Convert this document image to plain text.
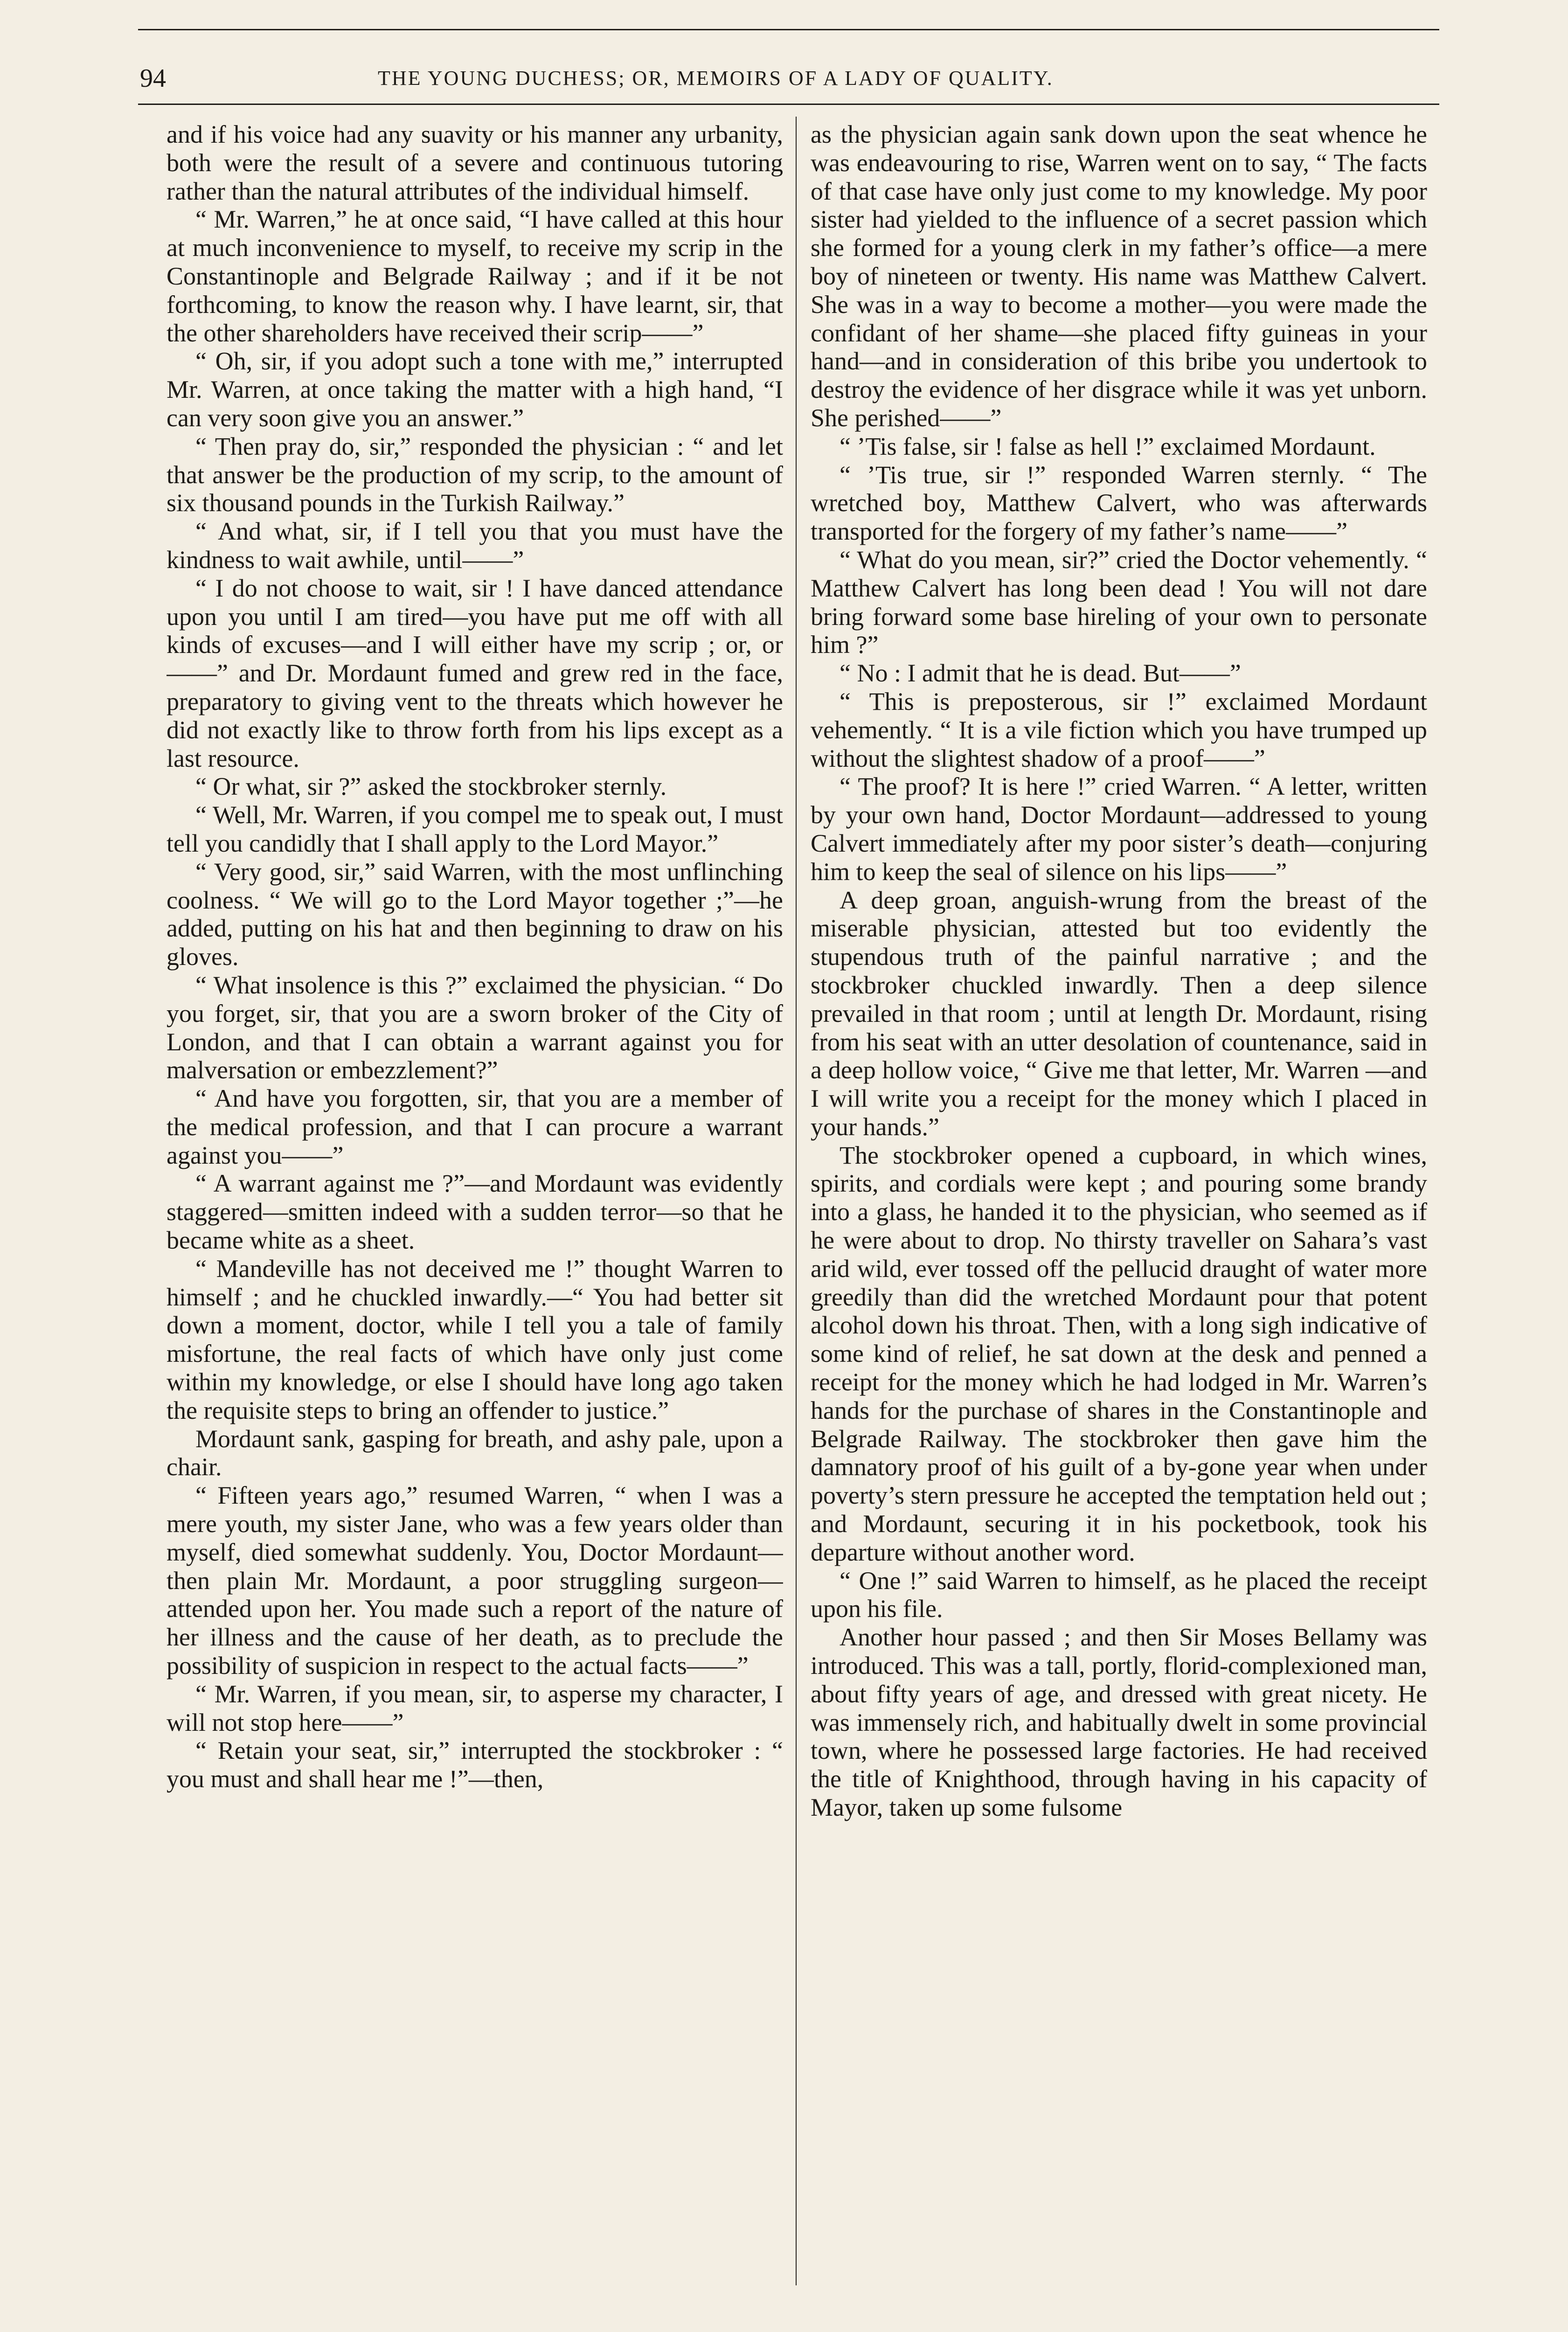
94	THE YOUNG DUCHESS; OR, MEMOIRS OF A LADY OF QUALITY.

and if his voice had any suavity or his manner any urbanity, both were the result of a severe and continuous tutoring rather than the natural attributes of the individual himself.

“ Mr. Warren,” he at once said, “I have called at this hour at much inconvenience to myself, to receive my scrip in the Constantinople and Belgrade Railway ; and if it be not forthcoming, to know the reason why. I have learnt, sir, that the other shareholders have received their scrip——”

“ Oh, sir, if you adopt such a tone with me,” interrupted Mr. Warren, at once taking the matter with a high hand, “I can very soon give you an answer.”

“ Then pray do, sir,” responded the physician : “ and let that answer be the production of my scrip, to the amount of six thousand pounds in the Turkish Railway.”

“ And what, sir, if I tell you that you must have the kindness to wait awhile, until——”

“ I do not choose to wait, sir ! I have danced attendance upon you until I am tired—you have put me off with all kinds of excuses—and I will either have my scrip ; or, or——” and Dr. Mordaunt fumed and grew red in the face, preparatory to giving vent to the threats which however he did not exactly like to throw forth from his lips except as a last resource.

“ Or what, sir ?” asked the stockbroker sternly.

“ Well, Mr. Warren, if you compel me to speak out, I must tell you candidly that I shall apply to the Lord Mayor.”

“ Very good, sir,” said Warren, with the most unflinching coolness. “ We will go to the Lord Mayor together ;”—he added, putting on his hat and then beginning to draw on his gloves.

“ What insolence is this ?” exclaimed the physician. “ Do you forget, sir, that you are a sworn broker of the City of London, and that I can obtain a warrant against you for malversation or embezzlement?”

“ And have you forgotten, sir, that you are a member of the medical profession, and that I can procure a warrant against you——”

“ A warrant against me ?”—and Mordaunt was evidently staggered—smitten indeed with a sudden terror—so that he became white as a sheet.

“ Mandeville has not deceived me !” thought Warren to himself ; and he chuckled inwardly.—“ You had better sit down a moment, doctor, while I tell you a tale of family misfortune, the real facts of which have only just come within my knowledge, or else I should have long ago taken the requisite steps to bring an offender to justice.”

Mordaunt sank, gasping for breath, and ashy pale, upon a chair.

“ Fifteen years ago,” resumed Warren, “ when I was a mere youth, my sister Jane, who was a few years older than myself, died somewhat suddenly. You, Doctor Mordaunt—then plain Mr. Mordaunt, a poor struggling surgeon—attended upon her. You made such a report of the nature of her illness and the cause of her death, as to preclude the possibility of suspicion in respect to the actual facts——”

“ Mr. Warren, if you mean, sir, to asperse my character, I will not stop here——”

“ Retain your seat, sir,” interrupted the stockbroker : “ you must and shall hear me !”—then,

as the physician again sank down upon the seat whence he was endeavouring to rise, Warren went on to say, “ The facts of that case have only just come to my knowledge. My poor sister had yielded to the influence of a secret passion which she formed for a young clerk in my father’s office—a mere boy of nineteen or twenty. His name was Matthew Calvert. She was in a way to become a mother—you were made the confidant of her shame—she placed fifty guineas in your hand—and in consideration of this bribe you undertook to destroy the evidence of her disgrace while it was yet unborn. She perished——”

“ ’Tis false, sir ! false as hell !” exclaimed Mordaunt.

“ ’Tis true, sir !” responded Warren sternly. “ The wretched boy, Matthew Calvert, who was afterwards transported for the forgery of my father’s name——”

“ What do you mean, sir?” cried the Doctor vehemently. “ Matthew Calvert has long been dead ! You will not dare bring forward some base hireling of your own to personate him ?”

“ No : I admit that he is dead. But——”

“ This is preposterous, sir !” exclaimed Mordaunt vehemently. “ It is a vile fiction which you have trumped up without the slightest shadow of a proof——”

“ The proof? It is here !” cried Warren. “ A letter, written by your own hand, Doctor Mordaunt—addressed to young Calvert immediately after my poor sister’s death—conjuring him to keep the seal of silence on his lips——”

A deep groan, anguish-wrung from the breast of the miserable physician, attested but too evidently the stupendous truth of the painful narrative ; and the stockbroker chuckled inwardly. Then a deep silence prevailed in that room ; until at length Dr. Mordaunt, rising from his seat with an utter desolation of countenance, said in a deep hollow voice, “ Give me that letter, Mr. Warren —and I will write you a receipt for the money which I placed in your hands.”

The stockbroker opened a cupboard, in which wines, spirits, and cordials were kept ; and pouring some brandy into a glass, he handed it to the physician, who seemed as if he were about to drop. No thirsty traveller on Sahara’s vast arid wild, ever tossed off the pellucid draught of water more greedily than did the wretched Mordaunt pour that potent alcohol down his throat. Then, with a long sigh indicative of some kind of relief, he sat down at the desk and penned a receipt for the money which he had lodged in Mr. Warren’s hands for the purchase of shares in the Constantinople and Belgrade Railway. The stockbroker then gave him the damnatory proof of his guilt of a by-gone year when under poverty’s stern pressure he accepted the temptation held out ; and Mordaunt, securing it in his pocketbook, took his departure without another word.

“ One !” said Warren to himself, as he placed the receipt upon his file.

Another hour passed ; and then Sir Moses Bellamy was introduced. This was a tall, portly, florid-complexioned man, about fifty years of age, and dressed with great nicety. He was immensely rich, and habitually dwelt in some provincial town, where he possessed large factories. He had received the title of Knighthood, through having in his capacity of Mayor, taken up some fulsome
